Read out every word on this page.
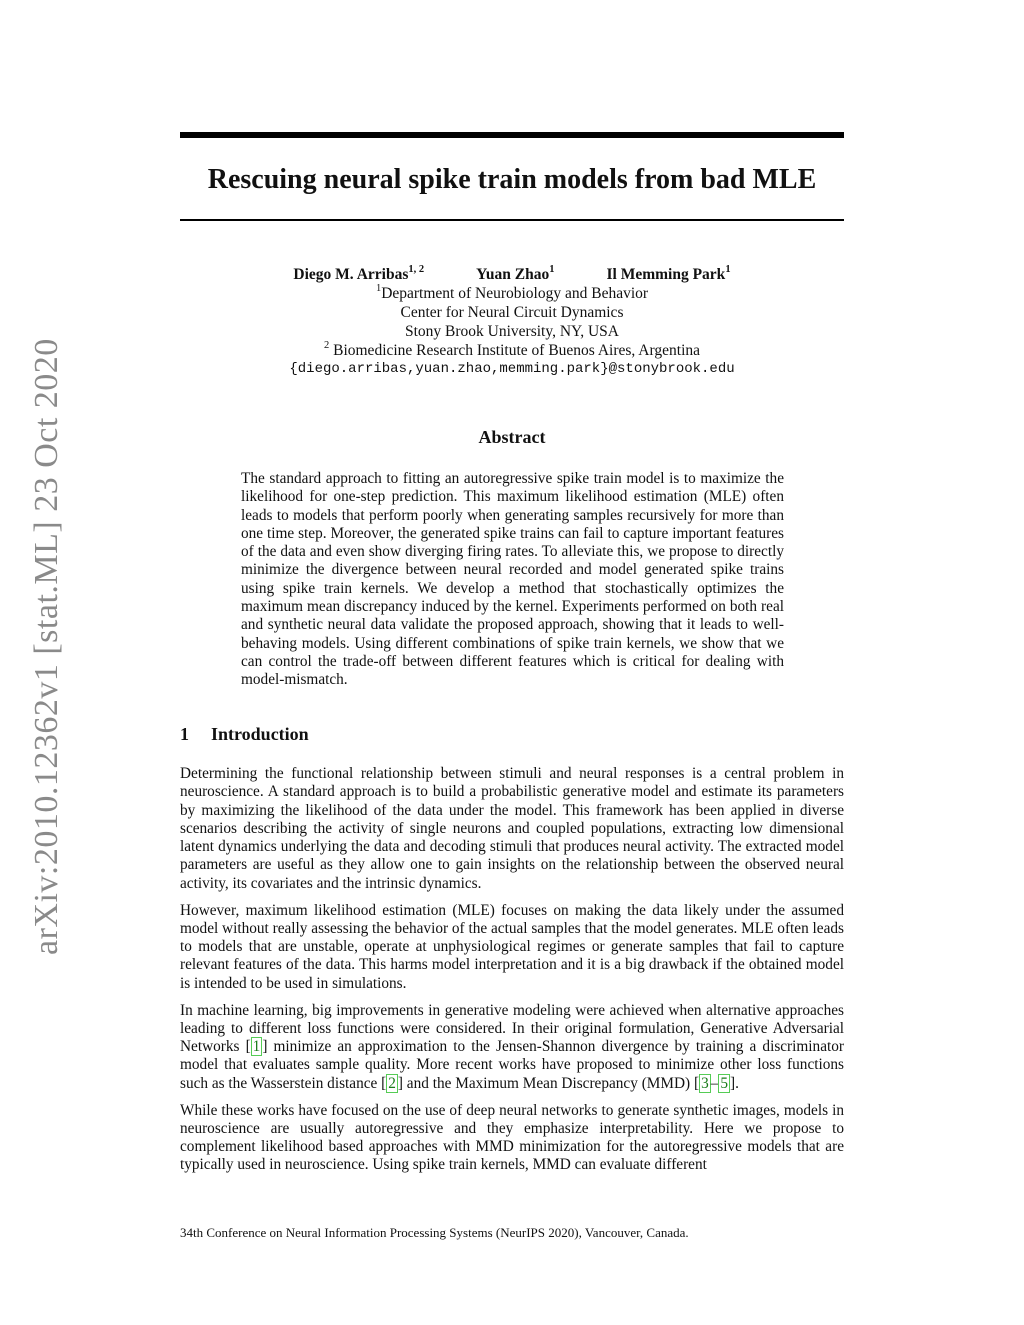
arXiv:2010.12362v1 [stat.ML] 23 Oct 2020
Rescuing neural spike train models from bad MLE
Diego M. Arribas$^{1, 2}$	Yuan Zhao$^1$	Il Memming Park$^1$
$^1$Department of Neurobiology and Behavior
Center for Neural Circuit Dynamics
Stony Brook University, NY, USA
$^2$ Biomedicine Research Institute of Buenos Aires, Argentina
{diego.arribas,yuan.zhao,memming.park}@stonybrook.edu
Abstract
The standard approach to fitting an autoregressive spike train model is to maximize the likelihood for one-step prediction. This maximum likelihood estimation (MLE) often leads to models that perform poorly when generating samples recursively for more than one time step. Moreover, the generated spike trains can fail to capture important features of the data and even show diverging firing rates. To alleviate this, we propose to directly minimize the divergence between neural recorded and model generated spike trains using spike train kernels. We develop a method that stochastically optimizes the maximum mean discrepancy induced by the kernel. Experiments performed on both real and synthetic neural data validate the proposed approach, showing that it leads to well-behaving models. Using different combinations of spike train kernels, we show that we can control the trade-off between different features which is critical for dealing with model-mismatch.
1 Introduction

Determining the functional relationship between stimuli and neural responses is a central problem in neuroscience. A standard approach is to build a probabilistic generative model and estimate its parameters by maximizing the likelihood of the data under the model. This framework has been applied in diverse scenarios describing the activity of single neurons and coupled populations, extracting low dimensional latent dynamics underlying the data and decoding stimuli that produces neural activity. The extracted model parameters are useful as they allow one to gain insights on the relationship between the observed neural activity, its covariates and the intrinsic dynamics.

However, maximum likelihood estimation (MLE) focuses on making the data likely under the assumed model without really assessing the behavior of the actual samples that the model generates. MLE often leads to models that are unstable, operate at unphysiological regimes or generate samples that fail to capture relevant features of the data. This harms model interpretation and it is a big drawback if the obtained model is intended to be used in simulations.

In machine learning, big improvements in generative modeling were achieved when alternative approaches leading to different loss functions were considered. In their original formulation, Generative Adversarial Networks [ 1 ] minimize an approximation to the Jensen-Shannon divergence by training a discriminator model that evaluates sample quality. More recent works have proposed to minimize other loss functions such as the Wasserstein distance [ 2 ] and the Maximum Mean Discrepancy (MMD) [ 3 – 5 ].

While these works have focused on the use of deep neural networks to generate synthetic images, models in neuroscience are usually autoregressive and they emphasize interpretability. Here we propose to complement likelihood based approaches with MMD minimization for the autoregressive models that are typically used in neuroscience. Using spike train kernels, MMD can evaluate different

34th Conference on Neural Information Processing Systems (NeurIPS 2020), Vancouver, Canada.
